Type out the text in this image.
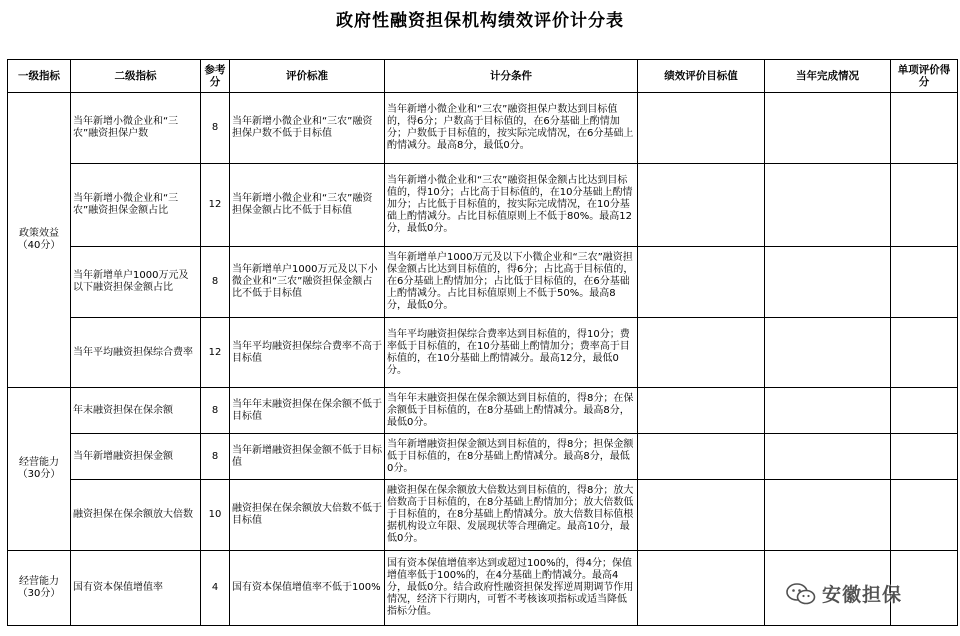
政府性融资担保机构绩效评价计分表
一级指标	二级指标	参考分	评价标准	计分条件	绩效评价目标值	当年完成情况	单项评价得分
政策效益（40分）	当年新增小微企业和“三农”融资担保户数	8	当年新增小微企业和“三农”融资担保户数不低于目标值	当年新增小微企业和“三农”融资担保户数达到目标值的，得6分；户数高于目标值的，在6分基础上酌情加分；户数低于目标值的，按实际完成情况，在6分基础上酌情减分。最高8分，最低0分。			
	当年新增小微企业和“三农”融资担保金额占比	12	当年新增小微企业和“三农”融资担保金额占比不低于目标值	当年新增小微企业和“三农”融资担保金额占比达到目标值的，得10分；占比高于目标值的，在10分基础上酌情加分；占比低于目标值的，按实际完成情况，在10分基础上酌情减分。占比目标值原则上不低于80%。最高12分，最低0分。			
	当年新增单户1000万元及以下融资担保金额占比	8	当年新增单户1000万元及以下小微企业和“三农”融资担保金额占比不低于目标值	当年新增单户1000万元及以下小微企业和“三农”融资担保金额占比达到目标值的，得6分；占比高于目标值的，在6分基础上酌情加分；占比低于目标值的，在6分基础上酌情减分。占比目标值原则上不低于50%。最高8分，最低0分。			
	当年平均融资担保综合费率	12	当年平均融资担保综合费率不高于目标值	当年平均融资担保综合费率达到目标值的，得10分；费率低于目标值的，在10分基础上酌情加分；费率高于目标值的，在10分基础上酌情减分。最高12分，最低0分。			
经营能力（30分）	年末融资担保在保余额	8	当年年末融资担保在保余额不低于目标值	当年年末融资担保在保余额达到目标值的，得8分；在保余额低于目标值的，在8分基础上酌情减分。最高8分，最低0分。			
	当年新增融资担保金额	8	当年新增融资担保金额不低于目标值	当年新增融资担保金额达到目标值的，得8分；担保金额低于目标值的，在8分基础上酌情减分。最高8分，最低0分。			
	融资担保在保余额放大倍数	10	融资担保在保余额放大倍数不低于目标值	融资担保在保余额放大倍数达到目标值的，得8分；放大倍数高于目标值的，在8分基础上酌情加分；放大倍数低于目标值的，在8分基础上酌情减分。放大倍数目标值根据机构设立年限、发展现状等合理确定。最高10分，最低0分。			
经营能力（30分）	国有资本保值增值率	4	国有资本保值增值率不低于100%	国有资本保值增值率达到或超过100%的，得4分；保值增值率低于100%的，在4分基础上酌情减分。最高4分，最低0分。结合政府性融资担保发挥逆周期调节作用情况，经济下行期内，可暂不考核该项指标或适当降低指标分值。			
安徽担保
